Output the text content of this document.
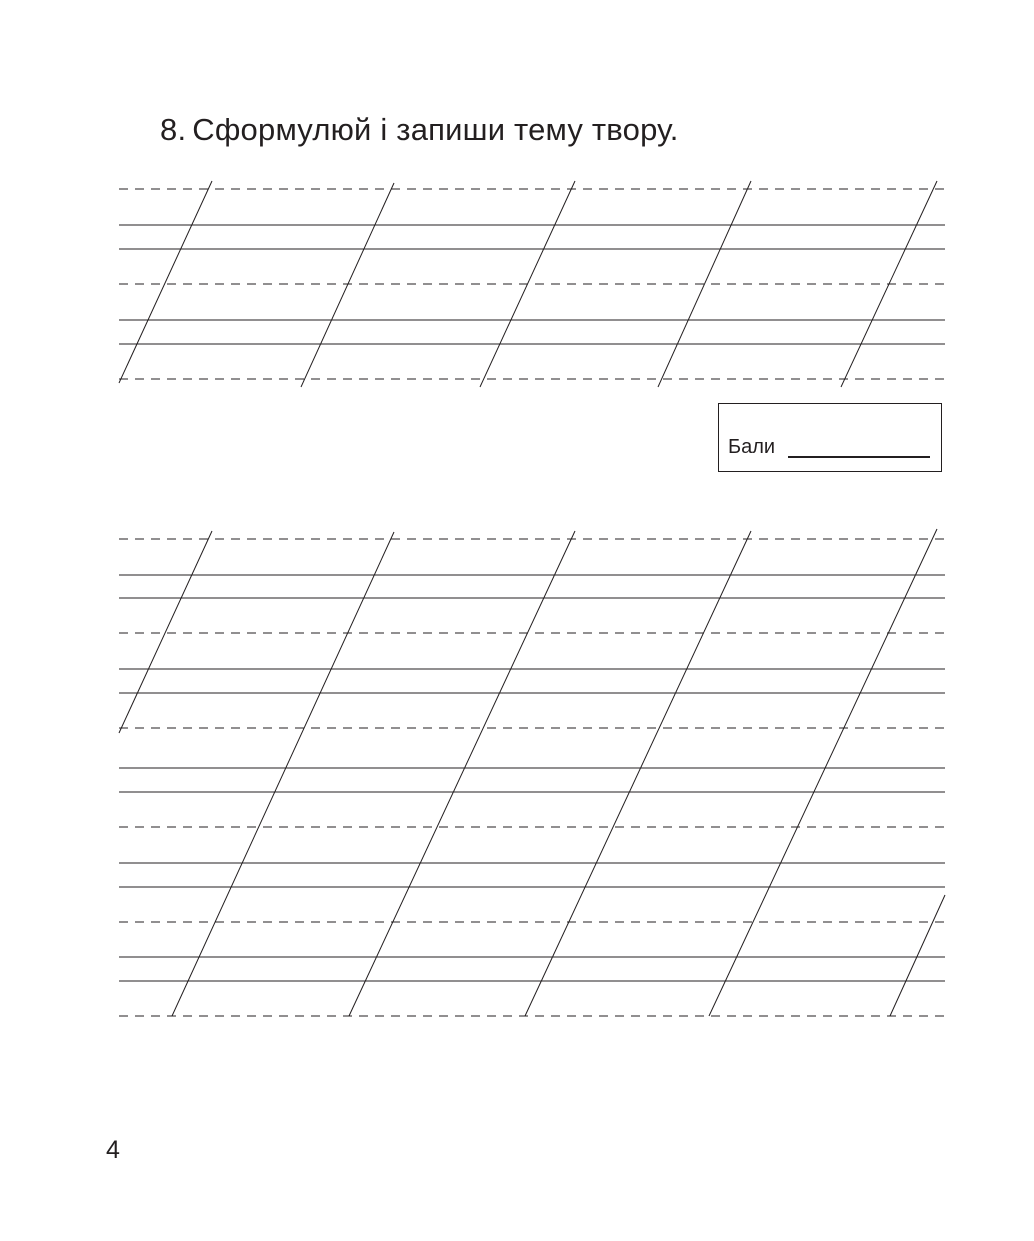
8. Сформулюй і запиши тему твору.
Бали
4
